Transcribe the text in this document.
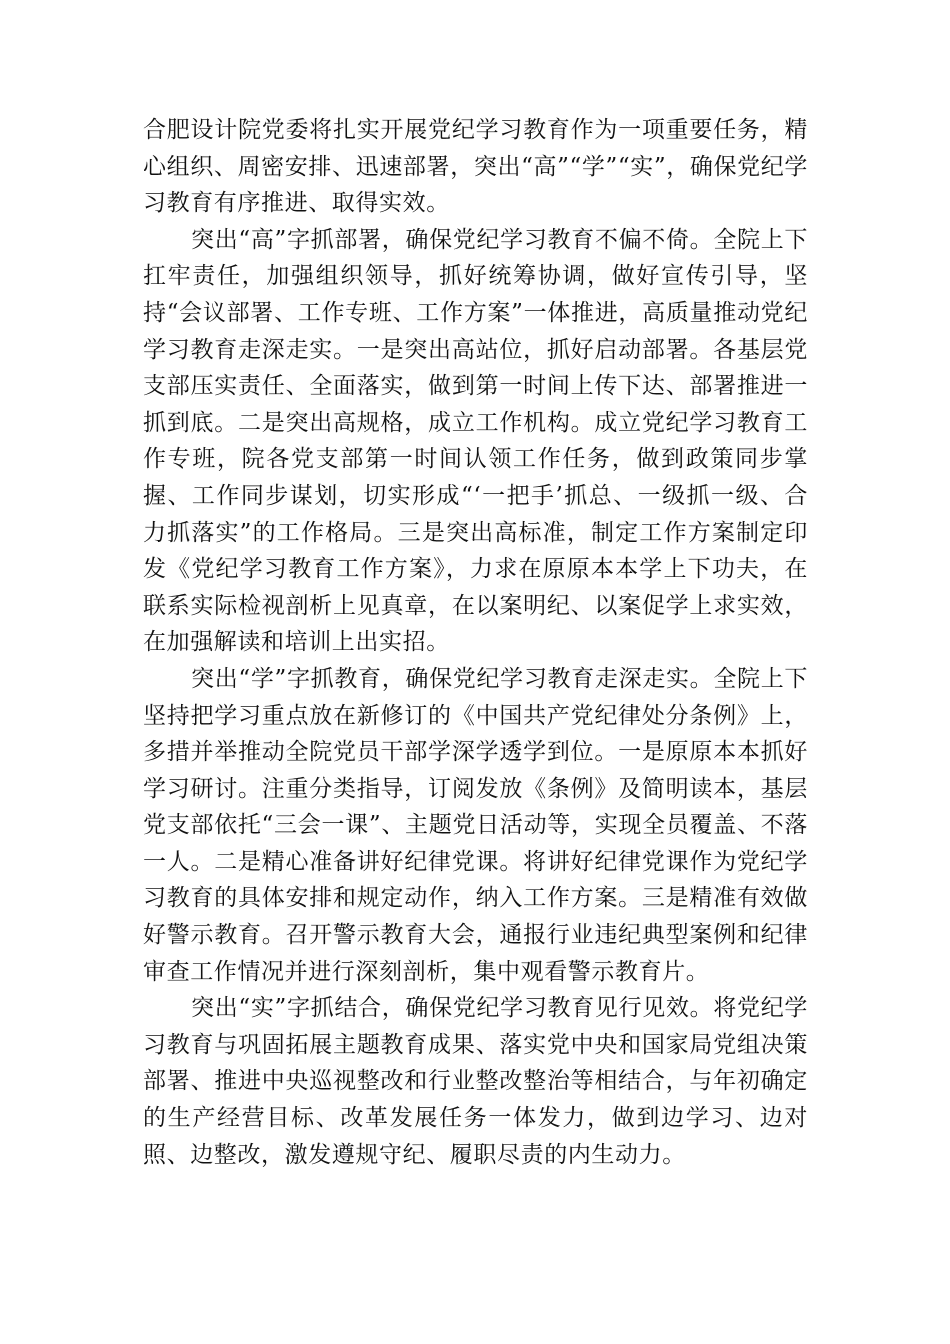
合肥设计院党委将扎实开展党纪学习教育作为一项重要任务，精心组织、周密安排、迅速部署，突出“高”“学”“实”，确保党纪学习教育有序推进、取得实效。

突出“高”字抓部署，确保党纪学习教育不偏不倚。全院上下扛牢责任，加强组织领导，抓好统筹协调，做好宣传引导，坚持“会议部署、工作专班、工作方案”一体推进，高质量推动党纪学习教育走深走实。一是突出高站位，抓好启动部署。各基层党支部压实责任、全面落实，做到第一时间上传下达、部署推进一抓到底。二是突出高规格，成立工作机构。成立党纪学习教育工作专班，院各党支部第一时间认领工作任务，做到政策同步掌握、工作同步谋划，切实形成“‘一把手’抓总、一级抓一级、合力抓落实”的工作格局。三是突出高标准，制定工作方案制定印发《党纪学习教育工作方案》，力求在原原本本学上下功夫，在联系实际检视剖析上见真章，在以案明纪、以案促学上求实效，在加强解读和培训上出实招。

突出“学”字抓教育，确保党纪学习教育走深走实。全院上下坚持把学习重点放在新修订的《中国共产党纪律处分条例》上，多措并举推动全院党员干部学深学透学到位。一是原原本本抓好学习研讨。注重分类指导，订阅发放《条例》及简明读本，基层党支部依托“三会一课”、主题党日活动等，实现全员覆盖、不落一人。二是精心准备讲好纪律党课。将讲好纪律党课作为党纪学习教育的具体安排和规定动作，纳入工作方案。三是精准有效做好警示教育。召开警示教育大会，通报行业违纪典型案例和纪律审查工作情况并进行深刻剖析，集中观看警示教育片。

突出“实”字抓结合，确保党纪学习教育见行见效。将党纪学习教育与巩固拓展主题教育成果、落实党中央和国家局党组决策部署、推进中央巡视整改和行业整改整治等相结合，与年初确定的生产经营目标、改革发展任务一体发力，做到边学习、边对照、边整改，激发遵规守纪、履职尽责的内生动力。
